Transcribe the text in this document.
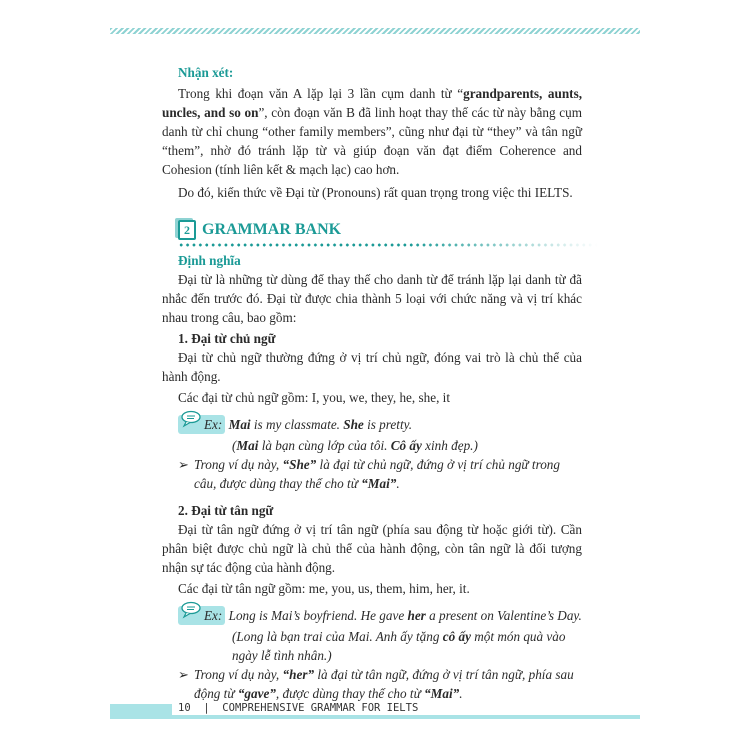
Nhận xét:
Trong khi đoạn văn A lặp lại 3 lần cụm danh từ “grandparents, aunts, uncles, and so on”, còn đoạn văn B đã linh hoạt thay thế các từ này bằng cụm danh từ chỉ chung “other family members”, cũng như đại từ “they” và tân ngữ “them”, nhờ đó tránh lặp từ và giúp đoạn văn đạt điểm Coherence and Cohesion (tính liên kết & mạch lạc) cao hơn.
Do đó, kiến thức về Đại từ (Pronouns) rất quan trọng trong việc thi IELTS.
2 GRAMMAR BANK
Định nghĩa
Đại từ là những từ dùng để thay thế cho danh từ để tránh lặp lại danh từ đã nhắc đến trước đó. Đại từ được chia thành 5 loại với chức năng và vị trí khác nhau trong câu, bao gồm:
1. Đại từ chủ ngữ
Đại từ chủ ngữ thường đứng ở vị trí chủ ngữ, đóng vai trò là chủ thể của hành động.
Các đại từ chủ ngữ gồm: I, you, we, they, he, she, it
Ex: Mai is my classmate. She is pretty.
(Mai là bạn cùng lớp của tôi. Cô ấy xinh đẹp.)
➢ Trong ví dụ này, “She” là đại từ chủ ngữ, đứng ở vị trí chủ ngữ trong câu, được dùng thay thế cho từ “Mai”.
2. Đại từ tân ngữ
Đại từ tân ngữ đứng ở vị trí tân ngữ (phía sau động từ hoặc giới từ). Cần phân biệt được chủ ngữ là chủ thể của hành động, còn tân ngữ là đối tượng nhận sự tác động của hành động.
Các đại từ tân ngữ gồm: me, you, us, them, him, her, it.
Ex: Long is Mai’s boyfriend. He gave her a present on Valentine’s Day.
(Long là bạn trai của Mai. Anh ấy tặng cô ấy một món quà vào ngày lễ tình nhân.)
➢ Trong ví dụ này, “her” là đại từ tân ngữ, đứng ở vị trí tân ngữ, phía sau động từ “gave”, được dùng thay thế cho từ “Mai”.
10 | COMPREHENSIVE GRAMMAR FOR IELTS
